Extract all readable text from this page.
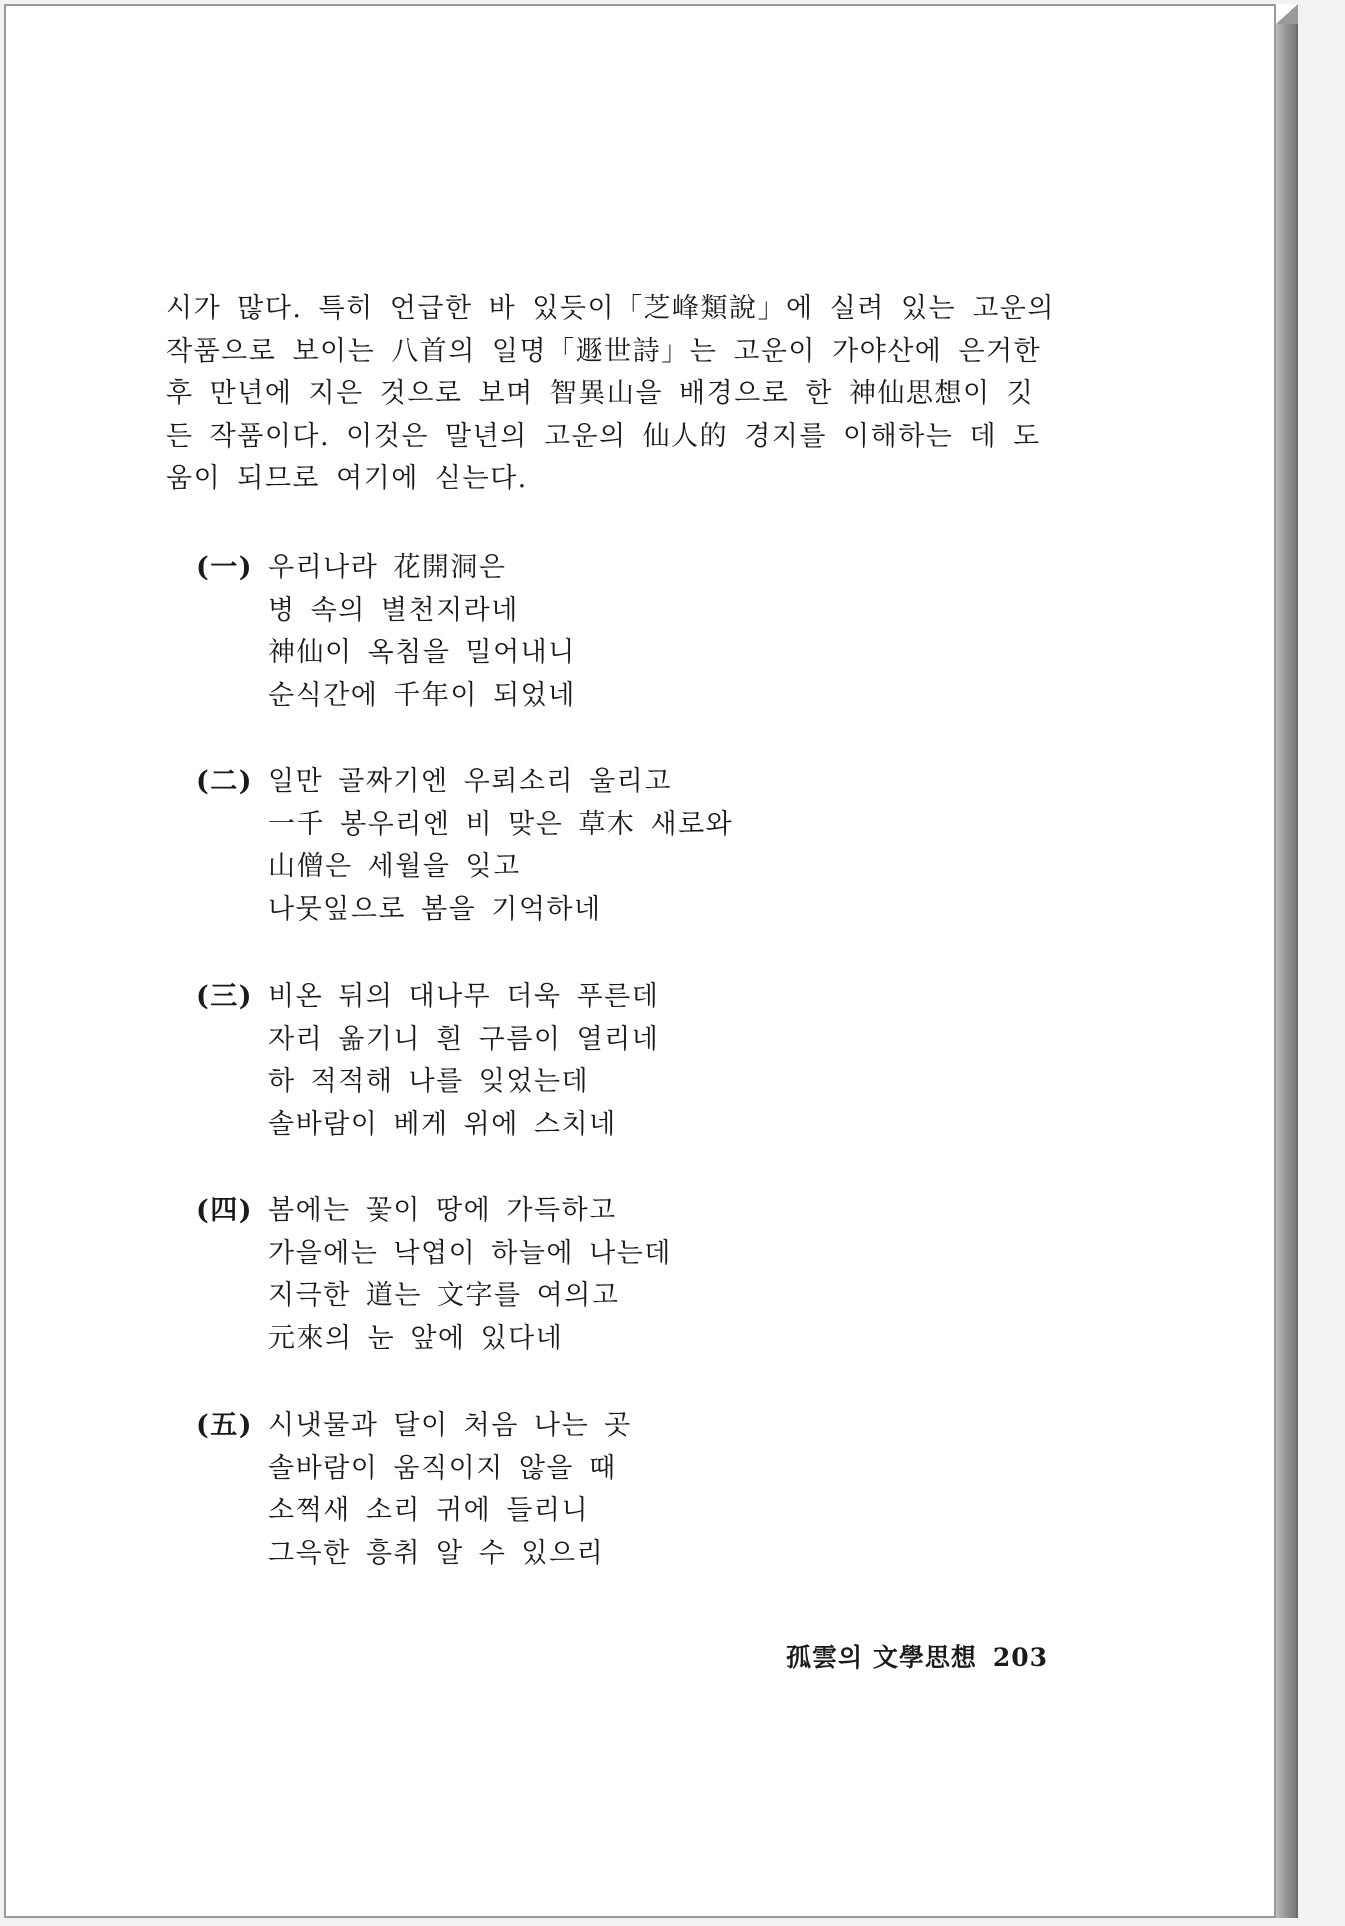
시가 많다. 특히 언급한 바 있듯이「芝峰類說」에 실려 있는 고운의
작품으로 보이는 八首의 일명「遯世詩」는 고운이 가야산에 은거한
후 만년에 지은 것으로 보며 智異山을 배경으로 한 神仙思想이 깃
든 작품이다. 이것은 말년의 고운의 仙人的 경지를 이해하는 데 도
움이 되므로 여기에 싣는다.
(一) 우리나라 花開洞은
병 속의 별천지라네
神仙이 옥침을 밀어내니
순식간에 千年이 되었네
(二) 일만 골짜기엔 우뢰소리 울리고
一千 봉우리엔 비 맞은 草木 새로와
山僧은 세월을 잊고
나뭇잎으로 봄을 기억하네
(三) 비온 뒤의 대나무 더욱 푸른데
자리 옮기니 흰 구름이 열리네
하 적적해 나를 잊었는데
솔바람이 베게 위에 스치네
(四) 봄에는 꽃이 땅에 가득하고
가을에는 낙엽이 하늘에 나는데
지극한 道는 文字를 여의고
元來의 눈 앞에 있다네
(五) 시냇물과 달이 처음 나는 곳
솔바람이 움직이지 않을 때
소쩍새 소리 귀에 들리니
그윽한 흥취 알 수 있으리
孤雲의 文學思想 203
